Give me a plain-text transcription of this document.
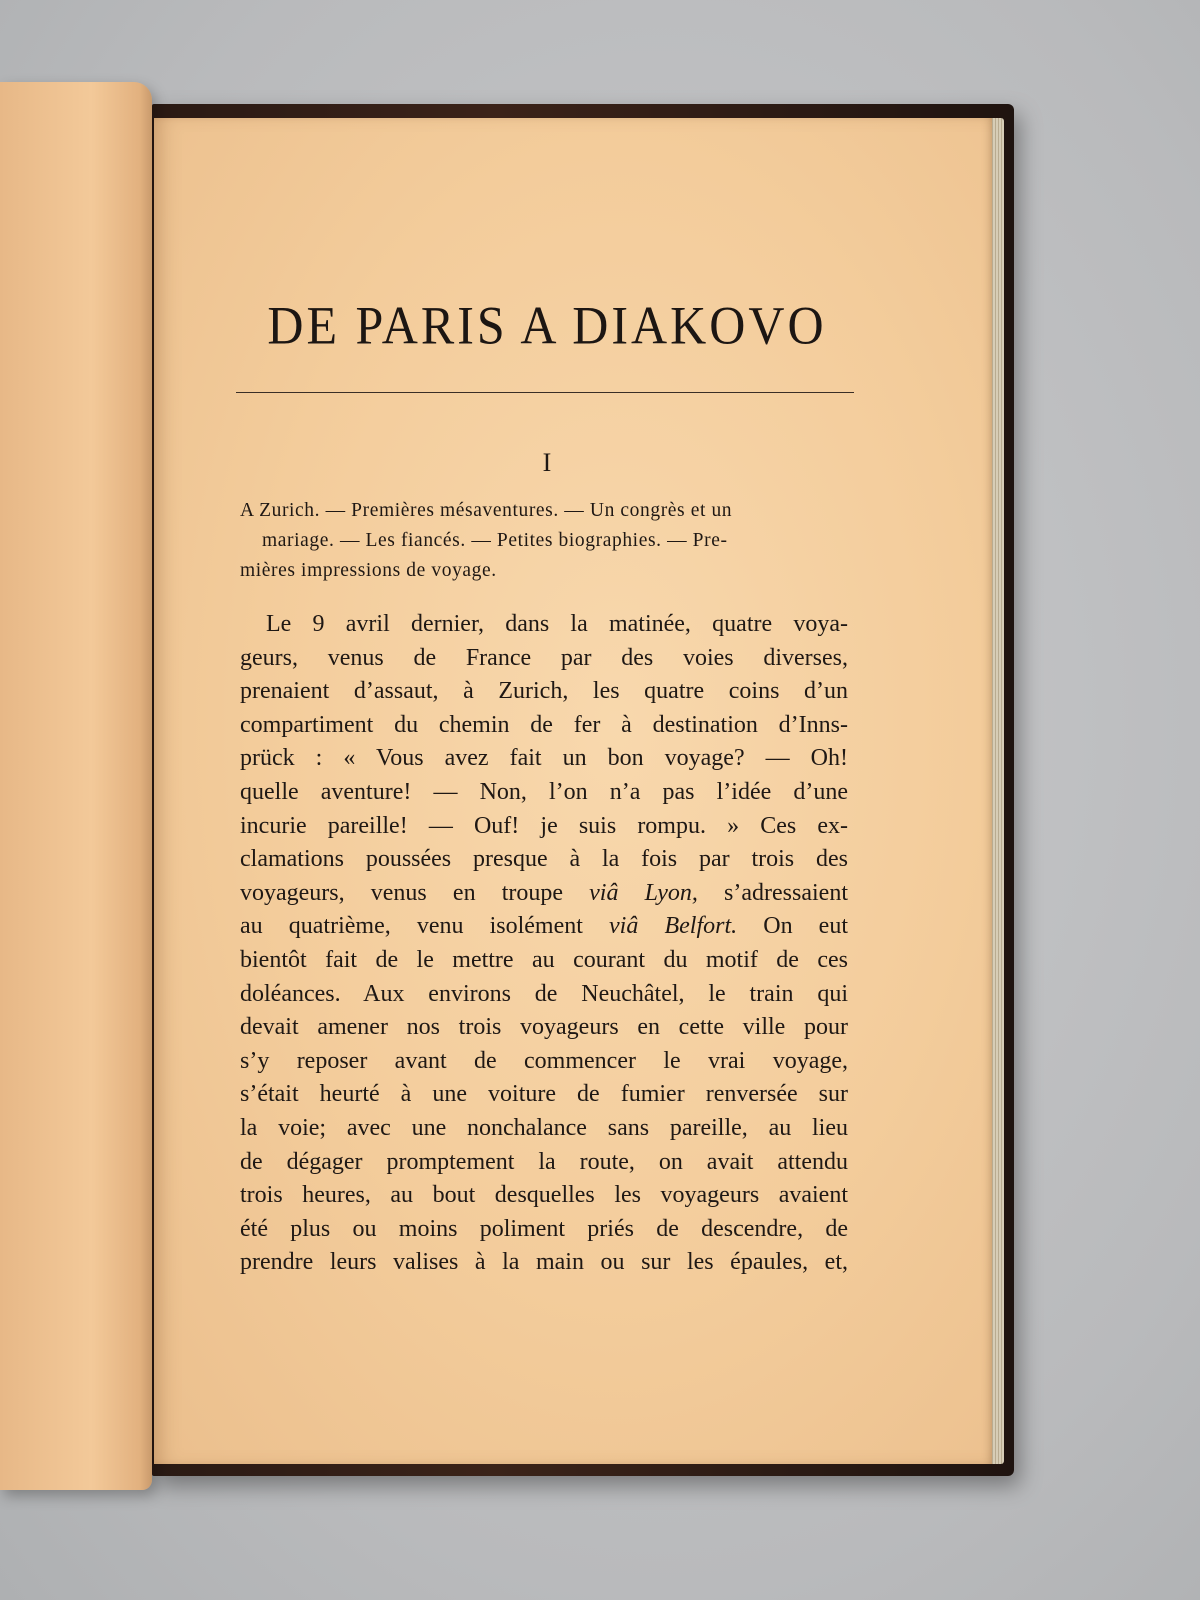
DE PARIS A DIAKOVO
I
A Zurich. — Premières mésaventures. — Un congrès et un
mariage. — Les fiancés. — Petites biographies. — Pre-
mières impressions de voyage.
Le 9 avril dernier, dans la matinée, quatre voya-
geurs, venus de France par des voies diverses,
prenaient d’assaut, à Zurich, les quatre coins d’un
compartiment du chemin de fer à destination d’Inns-
prück : « Vous avez fait un bon voyage? — Oh!
quelle aventure! — Non, l’on n’a pas l’idée d’une
incurie pareille! — Ouf! je suis rompu. » Ces ex-
clamations poussées presque à la fois par trois des
voyageurs, venus en troupe viâ Lyon, s’adressaient
au quatrième, venu isolément viâ Belfort. On eut
bientôt fait de le mettre au courant du motif de ces
doléances. Aux environs de Neuchâtel, le train qui
devait amener nos trois voyageurs en cette ville pour
s’y reposer avant de commencer le vrai voyage,
s’était heurté à une voiture de fumier renversée sur
la voie; avec une nonchalance sans pareille, au lieu
de dégager promptement la route, on avait attendu
trois heures, au bout desquelles les voyageurs avaient
été plus ou moins poliment priés de descendre, de
prendre leurs valises à la main ou sur les épaules, et,
